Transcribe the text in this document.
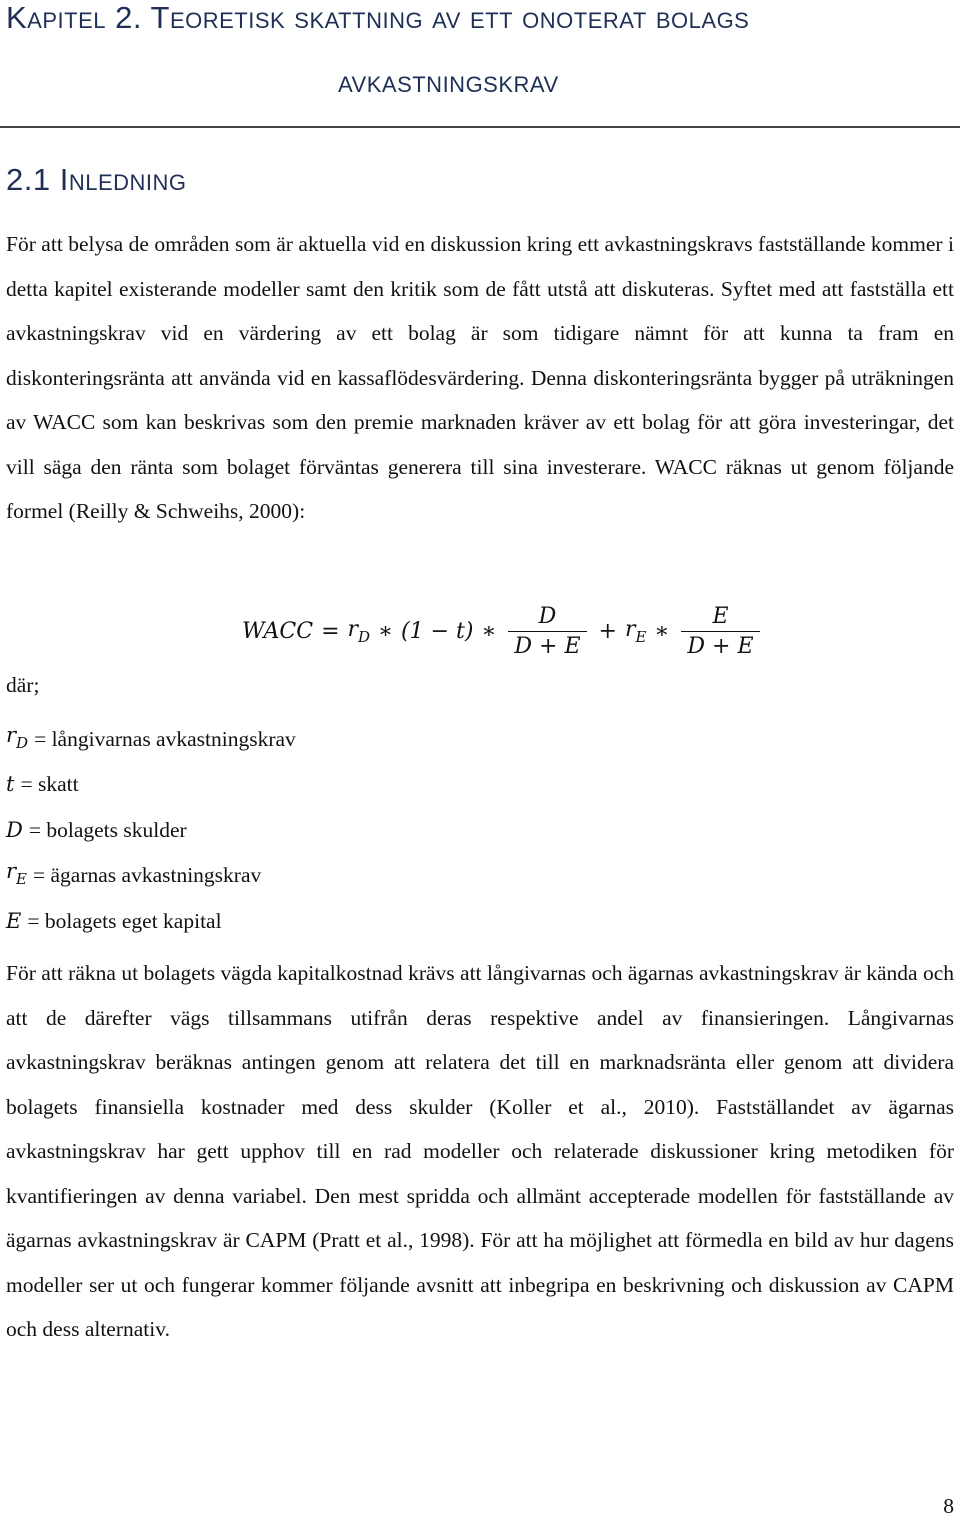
Kapitel 2. Teoretisk skattning av ett onoterat bolags
avkastningskrav
2.1 Inledning

För att belysa de områden som är aktuella vid en diskussion kring ett avkastningskravs fastställande kommer i detta kapitel existerande modeller samt den kritik som de fått utstå att diskuteras. Syftet med att fastställa ett avkastningskrav vid en värdering av ett bolag är som tidigare nämnt för att kunna ta fram en diskonteringsränta att använda vid en kassaflödesvärdering. Denna diskonteringsränta bygger på uträkningen av WACC som kan beskrivas som den premie marknaden kräver av ett bolag för att göra investeringar, det vill säga den ränta som bolaget förväntas generera till sina investerare. WACC räknas ut genom följande formel (Reilly & Schweihs, 2000):

WACC = $r_D$ ∗ (1 − t) ∗ $\frac{D}{D + E} + r_E$ ∗ $\frac{E}{D + E}$
där;
$r_D$ = långivarnas avkastningskrav
t = skatt
D = bolagets skulder
$r_E$ = ägarnas avkastningskrav
E = bolagets eget kapital

För att räkna ut bolagets vägda kapitalkostnad krävs att långivarnas och ägarnas avkastningskrav är kända och att de därefter vägs tillsammans utifrån deras respektive andel av finansieringen. Långivarnas avkastningskrav beräknas antingen genom att relatera det till en marknadsränta eller genom att dividera bolagets finansiella kostnader med dess skulder (Koller et al., 2010). Fastställandet av ägarnas avkastningskrav har gett upphov till en rad modeller och relaterade diskussioner kring metodiken för kvantifieringen av denna variabel. Den mest spridda och allmänt accepterade modellen för fastställande av ägarnas avkastningskrav är CAPM (Pratt et al., 1998). För att ha möjlighet att förmedla en bild av hur dagens modeller ser ut och fungerar kommer följande avsnitt att inbegripa en beskrivning och diskussion av CAPM och dess alternativ.

8
